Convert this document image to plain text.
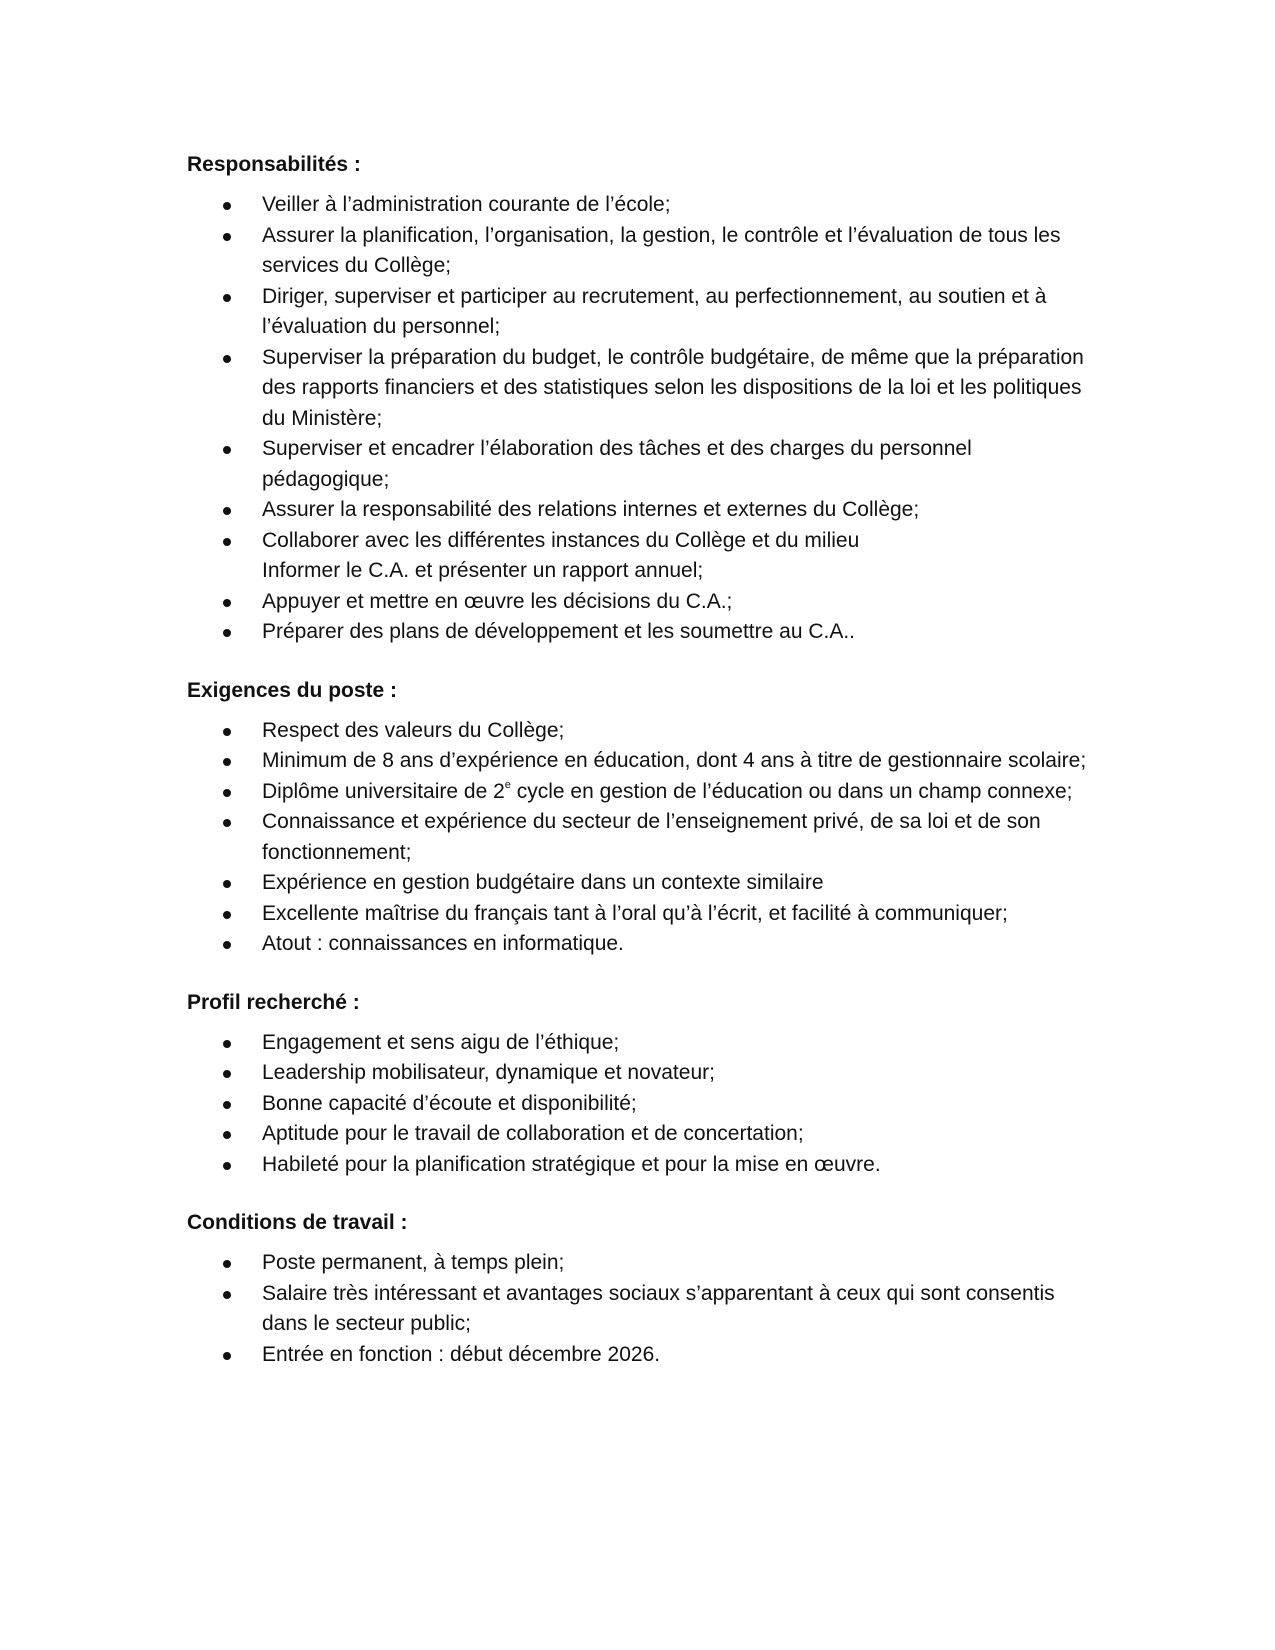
Responsabilités :
Veiller à l’administration courante de l’école;
Assurer la planification, l’organisation, la gestion, le contrôle et l’évaluation de tous les services du Collège;
Diriger, superviser et participer au recrutement, au perfectionnement, au soutien et à l’évaluation du personnel;
Superviser la préparation du budget, le contrôle budgétaire, de même que la préparation des rapports financiers et des statistiques selon les dispositions de la loi et les politiques du Ministère;
Superviser et encadrer l’élaboration des tâches et des charges du personnel pédagogique;
Assurer la responsabilité des relations internes et externes du Collège;
Collaborer avec les différentes instances du Collège et du milieu
Informer le C.A. et présenter un rapport annuel;
Appuyer et mettre en œuvre les décisions du C.A.;
Préparer des plans de développement et les soumettre au C.A..
Exigences du poste :
Respect des valeurs du Collège;
Minimum de 8 ans d’expérience en éducation, dont 4 ans à titre de gestionnaire scolaire;
Diplôme universitaire de 2e cycle en gestion de l’éducation ou dans un champ connexe;
Connaissance et expérience du secteur de l’enseignement privé, de sa loi et de son fonctionnement;
Expérience en gestion budgétaire dans un contexte similaire
Excellente maîtrise du français tant à l’oral qu’à l’écrit, et facilité à communiquer;
Atout : connaissances en informatique.
Profil recherché :
Engagement et sens aigu de l’éthique;
Leadership mobilisateur, dynamique et novateur;
Bonne capacité d’écoute et disponibilité;
Aptitude pour le travail de collaboration et de concertation;
Habileté pour la planification stratégique et pour la mise en œuvre.
Conditions de travail :
Poste permanent, à temps plein;
Salaire très intéressant et avantages sociaux s’apparentant à ceux qui sont consentis dans le secteur public;
Entrée en fonction : début décembre 2026.
